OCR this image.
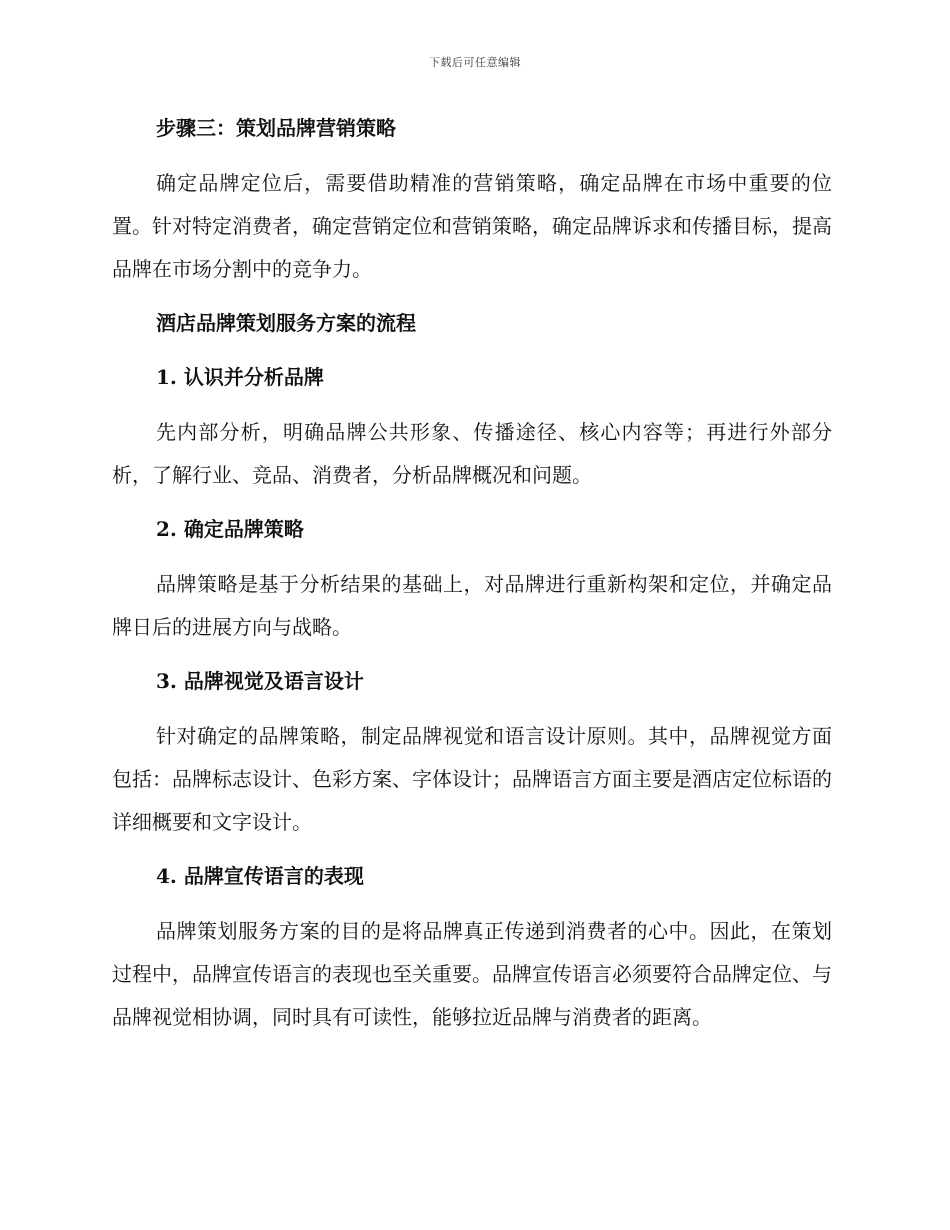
下载后可任意编辑
步骤三：策划品牌营销策略

确定品牌定位后，需要借助精准的营销策略，确定品牌在市场中重要的位置。针对特定消费者，确定营销定位和营销策略，确定品牌诉求和传播目标，提高品牌在市场分割中的竞争力。

酒店品牌策划服务方案的流程
1. 认识并分析品牌

先内部分析，明确品牌公共形象、传播途径、核心内容等；再进行外部分析，了解行业、竞品、消费者，分析品牌概况和问题。

2. 确定品牌策略

品牌策略是基于分析结果的基础上，对品牌进行重新构架和定位，并确定品牌日后的进展方向与战略。

3. 品牌视觉及语言设计

针对确定的品牌策略，制定品牌视觉和语言设计原则。其中，品牌视觉方面包括：品牌标志设计、色彩方案、字体设计；品牌语言方面主要是酒店定位标语的详细概要和文字设计。

4. 品牌宣传语言的表现

品牌策划服务方案的目的是将品牌真正传递到消费者的心中。因此，在策划过程中，品牌宣传语言的表现也至关重要。品牌宣传语言必须要符合品牌定位、与品牌视觉相协调，同时具有可读性，能够拉近品牌与消费者的距离。
